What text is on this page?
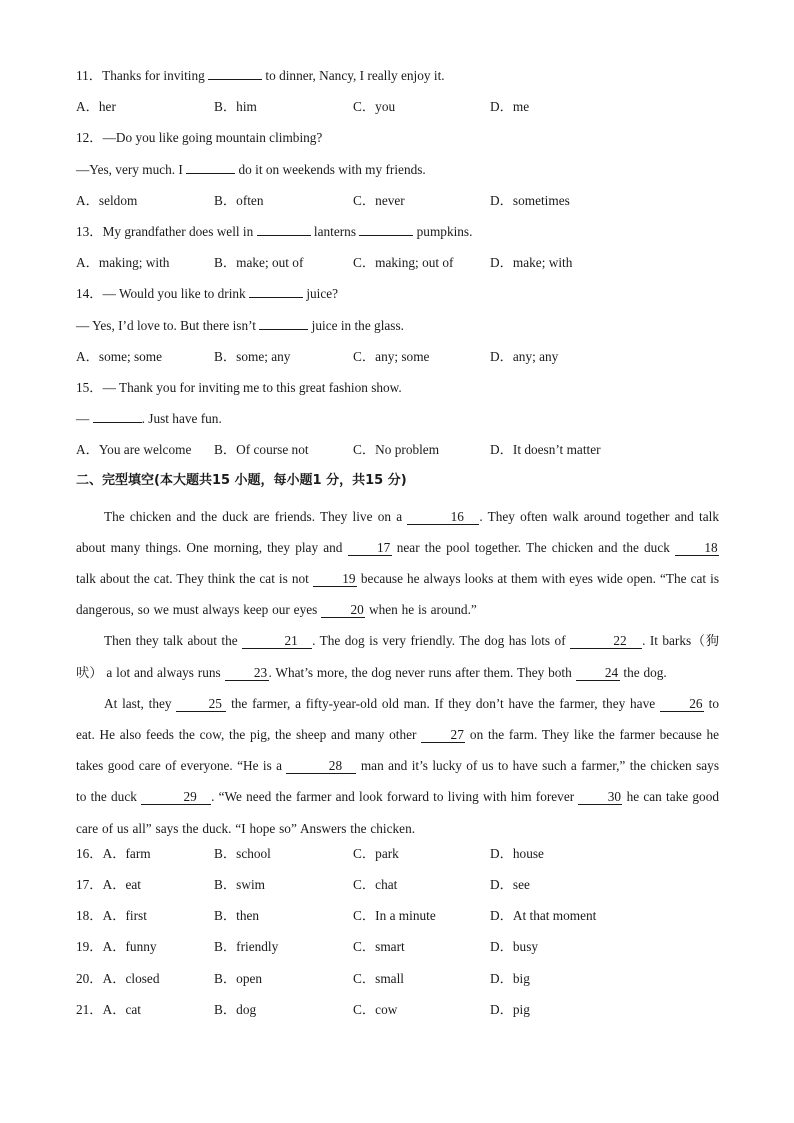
11．Thanks for inviting	to dinner, Nancy, I really enjoy it.
A．her	B．him	C．you	D．me
12．—Do you like going mountain climbing?
—Yes, very much. I	do it on weekends with my friends.
A．seldom	B．often	C．never	D．sometimes
13．My grandfather does well in	lanterns	pumpkins.
A．making; with	B．make; out of	C．making; out of	D．make; with
14．— Would you like to drink	juice?
— Yes, I’d love to. But there isn’t	juice in the glass.
A．some; some	B．some; any	C．any; some	D．any; any
15．— Thank you for inviting me to this great fashion show.
—	. Just have fun.
A．You are welcome B．Of course not	C．No problem	D．It doesn’t matter
二、完型填空(本大题共15 小题，每小题1 分，共15 分)

The chicken and the duck are friends. They live on a	16 . They often walk around together and talk about many things. One morning, they play and 17 near the pool together. The chicken and the duck 18 talk about the cat. They think the cat is not 19 because he always looks at them with eyes wide open. “The cat is dangerous, so we must always keep our eyes 20 when he is around.”

Then they talk about the	21 . The dog is very friendly. The dog has lots of	22 . It barks（狗吠） a lot and always runs 23. What’s more, the dog never runs after them. They both 24 the dog.

At last, they 25 the farmer, a fifty-year-old old man. If they don’t have the farmer, they have 26 to eat. He also feeds the cow, the pig, the sheep and many other 27 on the farm. They like the farmer because he takes good care of everyone. “He is a	28 man and it’s lucky of us to have such a farmer,” the chicken says to the duck	29 . “We need the farmer and look forward to living with him forever 30 he can take good care of us all” says the duck. “I hope so” Answers the chicken.

16．A．farm	B．school	C．park	D．house
17．A．eat	B．swim	C．chat	D．see
18．A．first	B．then	C．In a minute	D．At that moment
19．A．funny	B．friendly	C．smart	D．busy
20．A．closed	B．open	C．small	D．big
21．A．cat	B．dog	C．cow	D．pig
